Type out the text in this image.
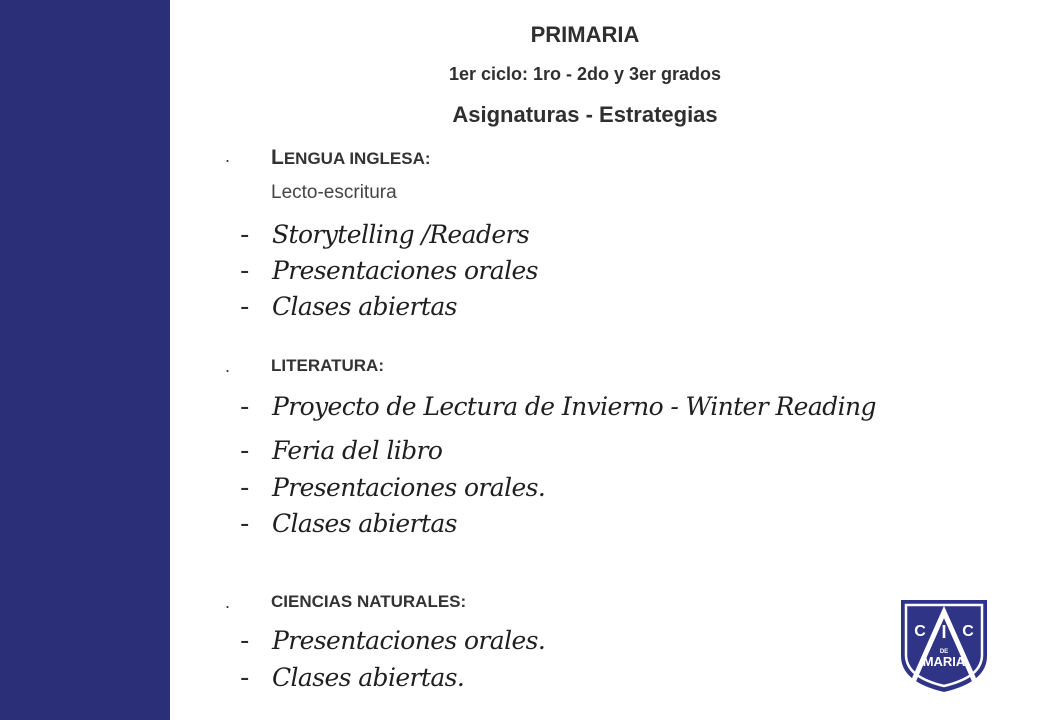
PRIMARIA
1er ciclo: 1ro - 2do y 3er grados
Asignaturas - Estrategias
. LENGUA INGLESA:
Lecto-escritura
- Storytelling /Readers
- Presentaciones orales
- Clases abiertas
. LITERATURA:
- Proyecto de Lectura de Invierno - Winter Reading
- Feria del libro
- Presentaciones orales.
- Clases abiertas
. CIENCIAS NATURALES:
- Presentaciones orales.
- Clases abiertas.
C I C
DE
MARIA
